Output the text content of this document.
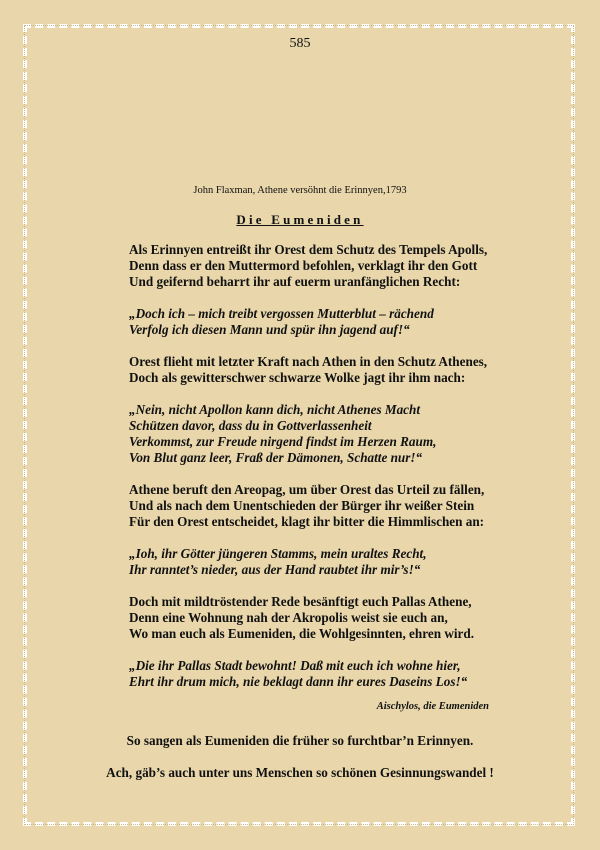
585
John Flaxman, Athene versöhnt die Erinnyen,1793
Die Eumeniden
Als Erinnyen entreißt ihr Orest dem Schutz des Tempels Apolls,
Denn dass er den Muttermord befohlen, verklagt ihr den Gott
Und geifernd beharrt ihr auf euerm uranfänglichen Recht:
„Doch ich – mich treibt vergossen Mutterblut – rächend
Verfolg ich diesen Mann und spür ihn jagend auf!“
Orest flieht mit letzter Kraft nach Athen in den Schutz Athenes,
Doch als gewitterschwer schwarze Wolke jagt ihr ihm nach:
„Nein, nicht Apollon kann dich, nicht Athenes Macht
Schützen davor, dass du in Gottverlassenheit
Verkommst, zur Freude nirgend findst im Herzen Raum,
Von Blut ganz leer, Fraß der Dämonen, Schatte nur!“
Athene beruft den Areopag, um über Orest das Urteil zu fällen,
Und als nach dem Unentschieden der Bürger ihr weißer Stein
Für den Orest entscheidet, klagt ihr bitter die Himmlischen an:
„Ioh, ihr Götter jüngeren Stamms, mein uraltes Recht,
Ihr ranntet’s nieder, aus der Hand raubtet ihr mir’s!“
Doch mit mildtröstender Rede besänftigt euch Pallas Athene,
Denn eine Wohnung nah der Akropolis weist sie euch an,
Wo man euch als Eumeniden, die Wohlgesinnten, ehren wird.
„Die ihr Pallas Stadt bewohnt! Daß mit euch ich wohne hier,
Ehrt ihr drum mich, nie beklagt dann ihr eures Daseins Los!“
Aischylos, die Eumeniden
So sangen als Eumeniden die früher so furchtbar’n Erinnyen.
Ach, gäb’s auch unter uns Menschen so schönen Gesinnungswandel !
